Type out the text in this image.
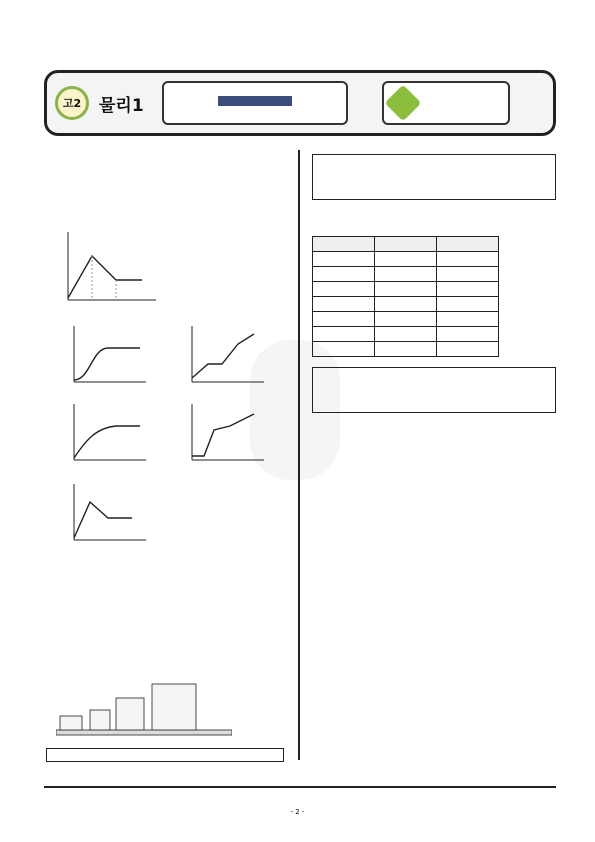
고2	물리1

- 2 -
